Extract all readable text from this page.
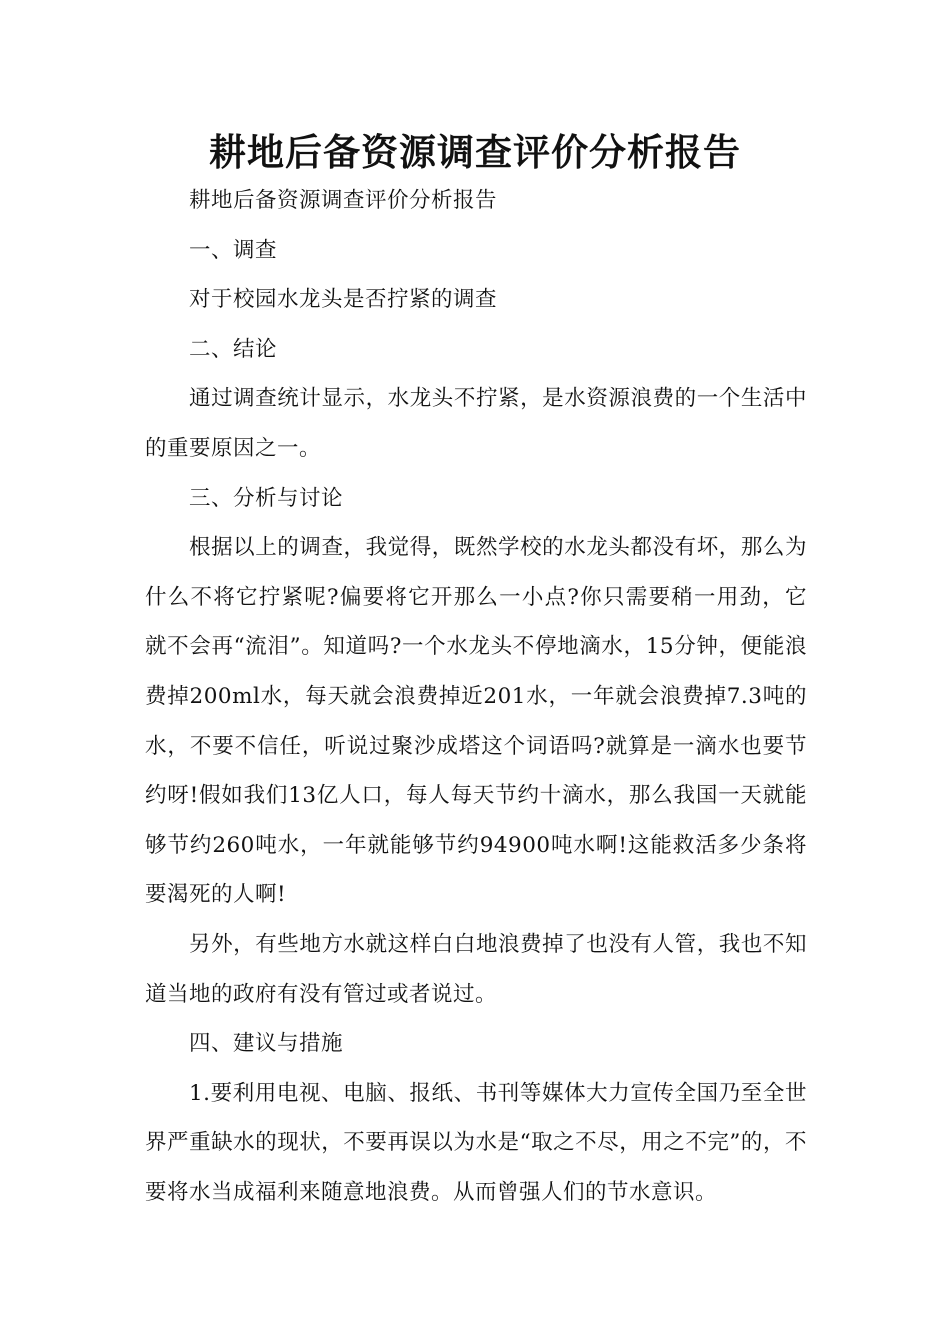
耕地后备资源调查评价分析报告

耕地后备资源调查评价分析报告

一、调查

对于校园水龙头是否拧紧的调查

二、结论

通过调查统计显示，水龙头不拧紧，是水资源浪费的一个生活中的重要原因之一。

三、分析与讨论

根据以上的调查，我觉得，既然学校的水龙头都没有坏，那么为什么不将它拧紧呢?偏要将它开那么一小点?你只需要稍一用劲，它就不会再“流泪”。知道吗?一个水龙头不停地滴水，15分钟，便能浪费掉200ml水，每天就会浪费掉近201水，一年就会浪费掉7.3吨的水，不要不信任，听说过聚沙成塔这个词语吗?就算是一滴水也要节约呀!假如我们13亿人口，每人每天节约十滴水，那么我国一天就能够节约260吨水，一年就能够节约94900吨水啊!这能救活多少条将要渴死的人啊!

另外，有些地方水就这样白白地浪费掉了也没有人管，我也不知道当地的政府有没有管过或者说过。

四、建议与措施

1.要利用电视、电脑、报纸、书刊等媒体大力宣传全国乃至全世界严重缺水的现状，不要再误以为水是“取之不尽，用之不完”的，不要将水当成福利来随意地浪费。从而曾强人们的节水意识。
